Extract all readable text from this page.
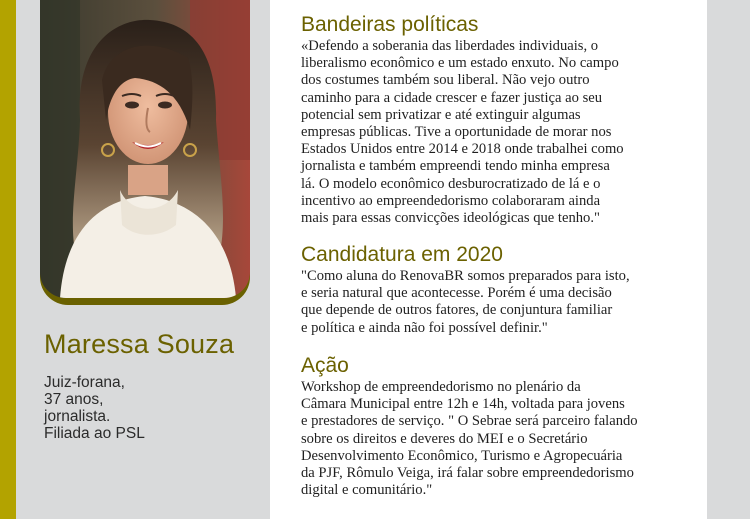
Maressa Souza
Juiz-forana,
37 anos,
jornalista.
Filiada ao PSL
Bandeiras políticas
«Defendo a soberania das liberdades individuais, o
liberalismo econômico e um estado enxuto. No campo
dos costumes também sou liberal. Não vejo outro
caminho para a cidade crescer e fazer justiça ao seu
potencial sem privatizar e até extinguir algumas
empresas públicas. Tive a oportunidade de morar nos
Estados Unidos entre 2014 e 2018 onde trabalhei como
jornalista e também empreendi tendo minha empresa
lá. O modelo econômico desburocratizado de lá e o
incentivo ao empreendedorismo colaboraram ainda
mais para essas convicções ideológicas que tenho."
Candidatura em 2020
"Como aluna do RenovaBR somos preparados para isto,
e seria natural que acontecesse. Porém é uma decisão
que depende de outros fatores, de conjuntura familiar
e política e ainda não foi possível definir."
Ação
Workshop de empreendedorismo no plenário da
Câmara Municipal entre 12h e 14h, voltada para jovens
e prestadores de serviço. " O Sebrae será parceiro falando
sobre os direitos e deveres do MEI e o Secretário
Desenvolvimento Econômico, Turismo e Agropecuária
da PJF, Rômulo Veiga, irá falar sobre empreendedorismo
digital e comunitário."
